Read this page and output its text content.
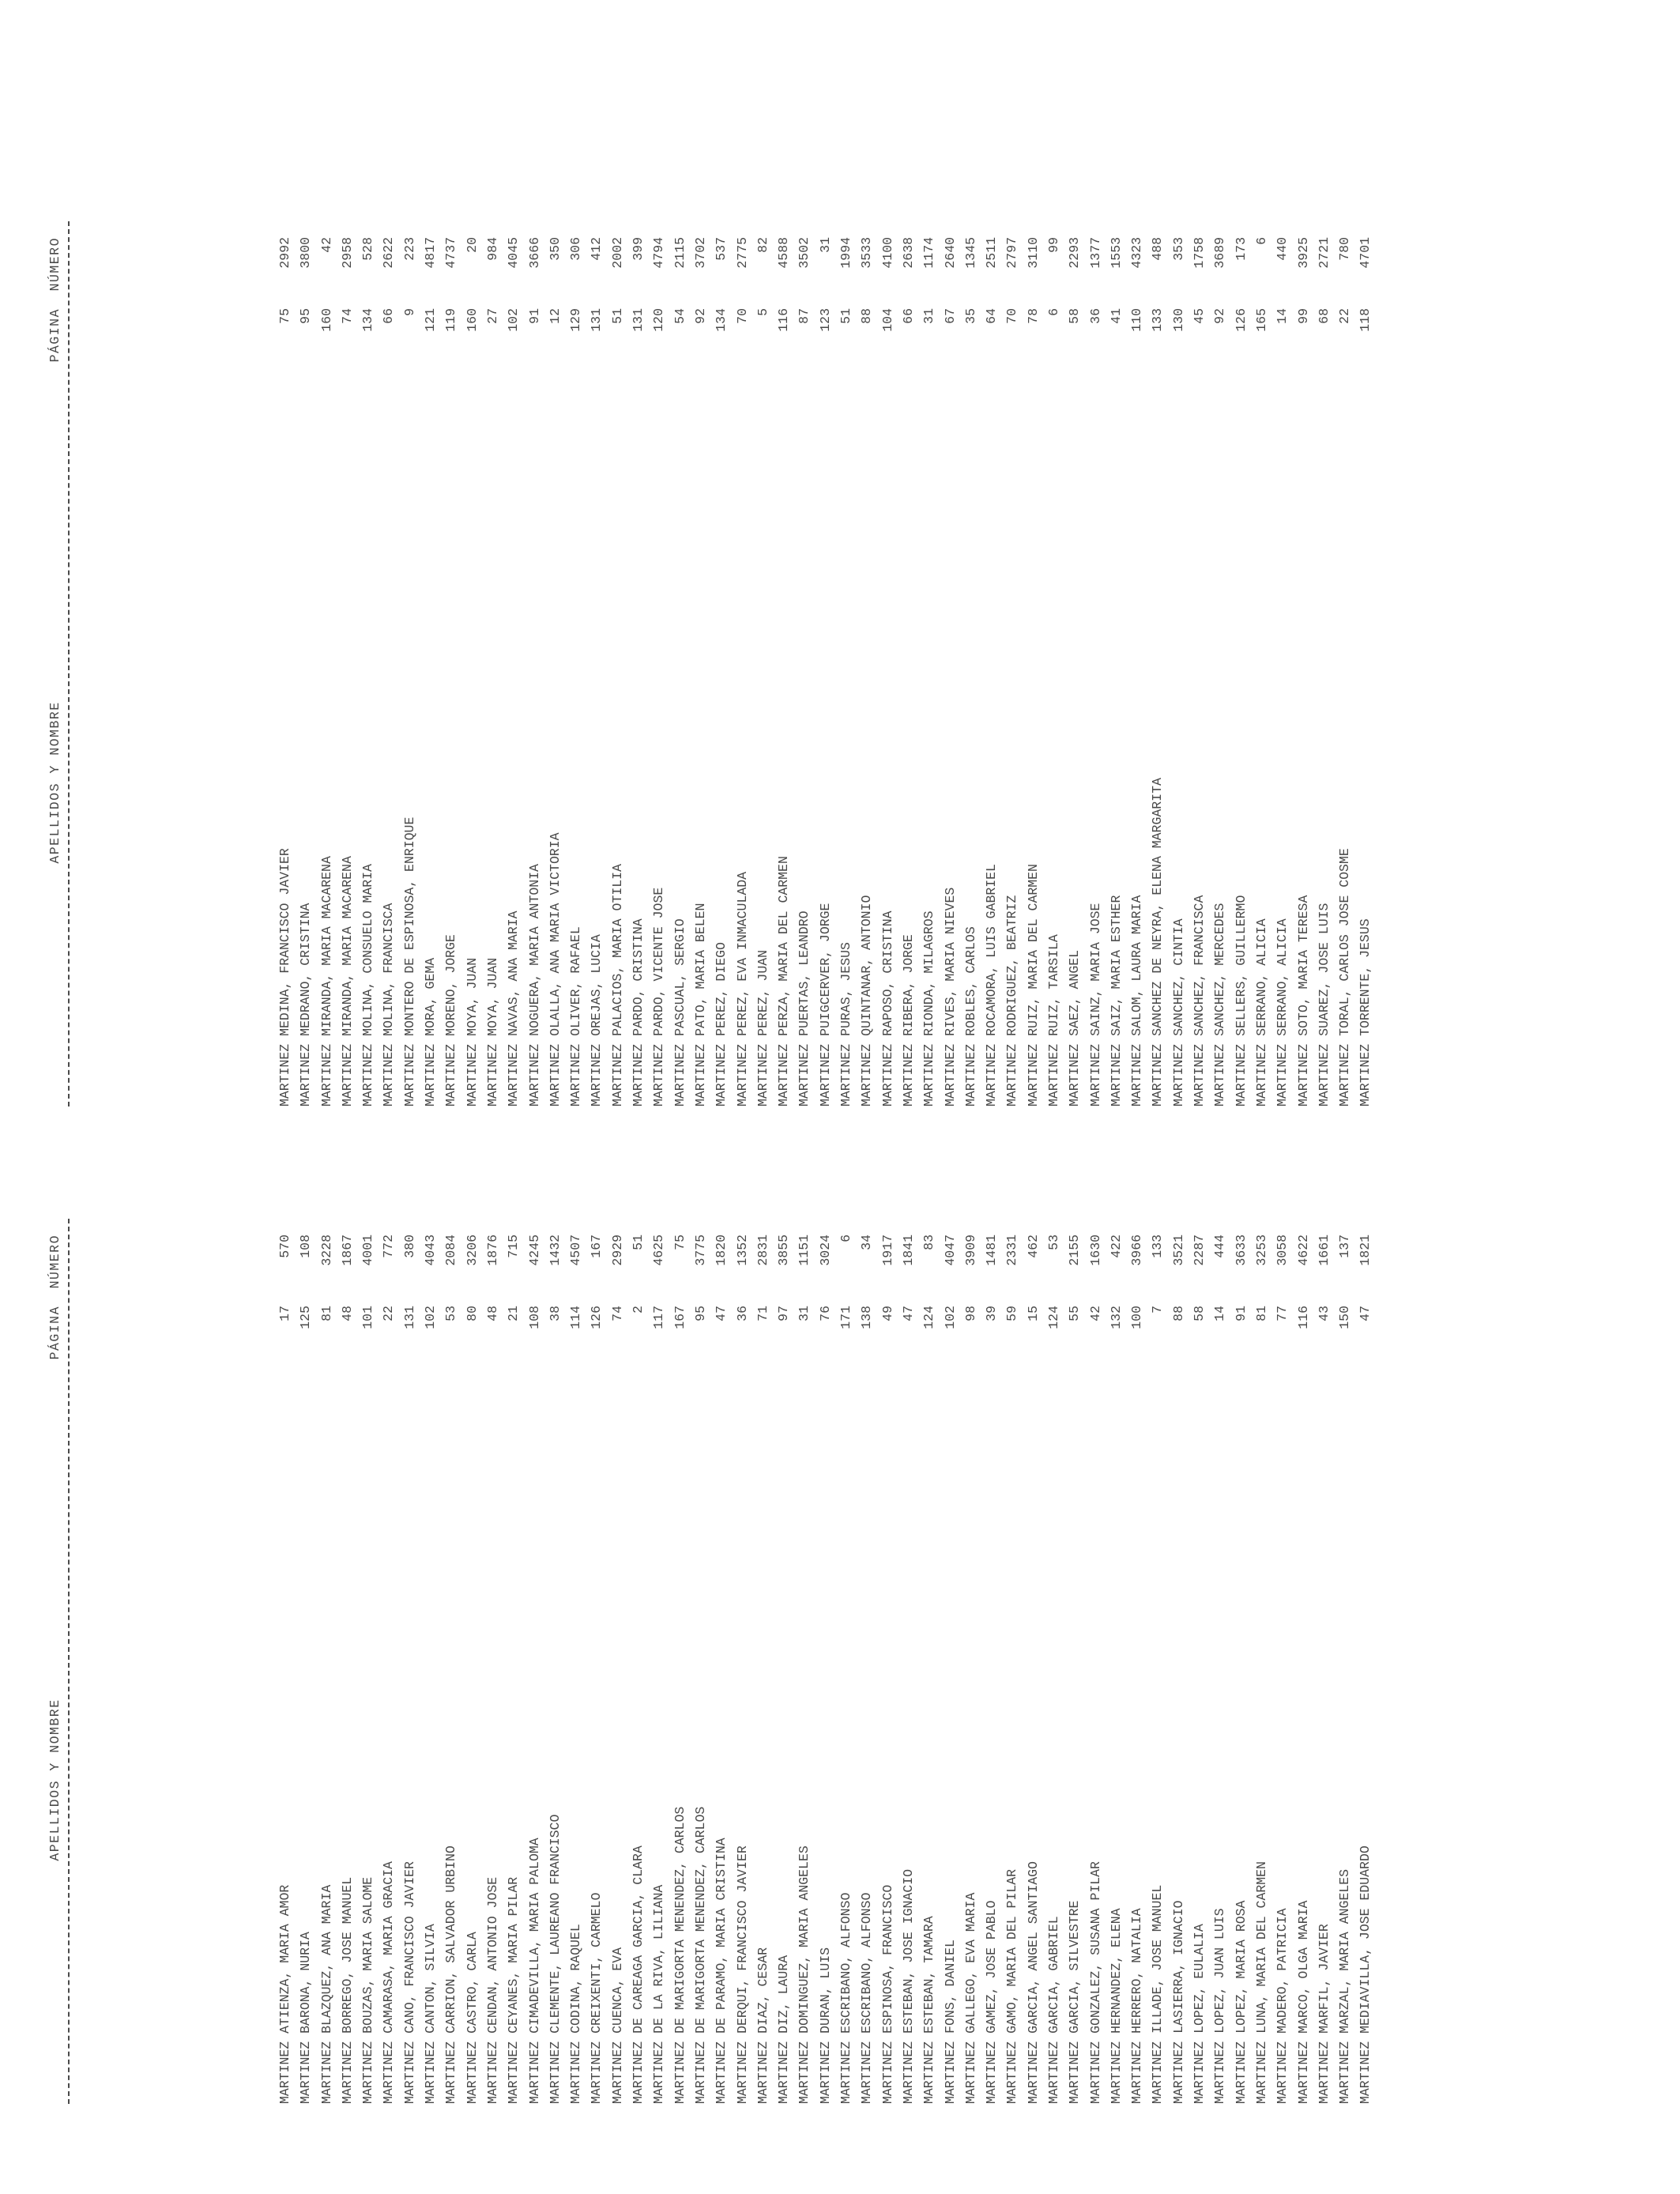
APELLIDOS Y NOMBRE
PÁGINA
NÚMERO
MARTINEZ ATIENZA, MARIA AMOR
17
570
MARTINEZ BARONA, NURIA
125
108
MARTINEZ BLAZQUEZ, ANA MARIA
81
3228
MARTINEZ BORREGO, JOSE MANUEL
48
1867
MARTINEZ BOUZAS, MARIA SALOME
101
4001
MARTINEZ CAMARASA, MARIA GRACIA
22
772
MARTINEZ CANO, FRANCISCO JAVIER
131
380
MARTINEZ CANTON, SILVIA
102
4043
MARTINEZ CARRION, SALVADOR URBINO
53
2084
MARTINEZ CASTRO, CARLA
80
3206
MARTINEZ CENDAN, ANTONIO JOSE
48
1876
MARTINEZ CEYANES, MARIA PILAR
21
715
MARTINEZ CIMADEVILLA, MARIA PALOMA
108
4245
MARTINEZ CLEMENTE, LAUREANO FRANCISCO
38
1432
MARTINEZ CODINA, RAQUEL
114
4507
MARTINEZ CREIXENTI, CARMELO
126
167
MARTINEZ CUENCA, EVA
74
2929
MARTINEZ DE CAREAGA GARCIA, CLARA
2
51
MARTINEZ DE LA RIVA, LILIANA
117
4625
MARTINEZ DE MARIGORTA MENENDEZ, CARLOS
167
75
MARTINEZ DE MARIGORTA MENENDEZ, CARLOS
95
3775
MARTINEZ DE PARAMO, MARIA CRISTINA
47
1820
MARTINEZ DERQUI, FRANCISCO JAVIER
36
1352
MARTINEZ DIAZ, CESAR
71
2831
MARTINEZ DIZ, LAURA
97
3855
MARTINEZ DOMINGUEZ, MARIA ANGELES
31
1151
MARTINEZ DURAN, LUIS
76
3024
MARTINEZ ESCRIBANO, ALFONSO
171
6
MARTINEZ ESCRIBANO, ALFONSO
138
34
MARTINEZ ESPINOSA, FRANCISCO
49
1917
MARTINEZ ESTEBAN, JOSE IGNACIO
47
1841
MARTINEZ ESTEBAN, TAMARA
124
83
MARTINEZ FONS, DANIEL
102
4047
MARTINEZ GALLEGO, EVA MARIA
98
3909
MARTINEZ GAMEZ, JOSE PABLO
39
1481
MARTINEZ GAMO, MARIA DEL PILAR
59
2331
MARTINEZ GARCIA, ANGEL SANTIAGO
15
462
MARTINEZ GARCIA, GABRIEL
124
53
MARTINEZ GARCIA, SILVESTRE
55
2155
MARTINEZ GONZALEZ, SUSANA PILAR
42
1630
MARTINEZ HERNANDEZ, ELENA
132
422
MARTINEZ HERRERO, NATALIA
100
3966
MARTINEZ ILLADE, JOSE MANUEL
7
133
MARTINEZ LASIERRA, IGNACIO
88
3521
MARTINEZ LOPEZ, EULALIA
58
2287
MARTINEZ LOPEZ, JUAN LUIS
14
444
MARTINEZ LOPEZ, MARIA ROSA
91
3633
MARTINEZ LUNA, MARIA DEL CARMEN
81
3253
MARTINEZ MADERO, PATRICIA
77
3058
MARTINEZ MARCO, OLGA MARIA
116
4622
MARTINEZ MARFIL, JAVIER
43
1661
MARTINEZ MARZAL, MARIA ANGELES
150
137
MARTINEZ MEDIAVILLA, JOSE EDUARDO
47
1821
APELLIDOS Y NOMBRE
PÁGINA
NÚMERO
MARTINEZ MEDINA, FRANCISCO JAVIER
75
2992
MARTINEZ MEDRANO, CRISTINA
95
3800
MARTINEZ MIRANDA, MARIA MACARENA
160
42
MARTINEZ MIRANDA, MARIA MACARENA
74
2958
MARTINEZ MOLINA, CONSUELO MARIA
134
528
MARTINEZ MOLINA, FRANCISCA
66
2622
MARTINEZ MONTERO DE ESPINOSA, ENRIQUE
9
223
MARTINEZ MORA, GEMA
121
4817
MARTINEZ MORENO, JORGE
119
4737
MARTINEZ MOYA, JUAN
160
20
MARTINEZ MOYA, JUAN
27
984
MARTINEZ NAVAS, ANA MARIA
102
4045
MARTINEZ NOGUERA, MARIA ANTONIA
91
3666
MARTINEZ OLALLA, ANA MARIA VICTORIA
12
350
MARTINEZ OLIVER, RAFAEL
129
306
MARTINEZ OREJAS, LUCIA
131
412
MARTINEZ PALACIOS, MARIA OTILIA
51
2002
MARTINEZ PARDO, CRISTINA
131
399
MARTINEZ PARDO, VICENTE JOSE
120
4794
MARTINEZ PASCUAL, SERGIO
54
2115
MARTINEZ PATO, MARIA BELEN
92
3702
MARTINEZ PEREZ, DIEGO
134
537
MARTINEZ PEREZ, EVA INMACULADA
70
2775
MARTINEZ PEREZ, JUAN
5
82
MARTINEZ PERZA, MARIA DEL CARMEN
116
4588
MARTINEZ PUERTAS, LEANDRO
87
3502
MARTINEZ PUIGCERVER, JORGE
123
31
MARTINEZ PURAS, JESUS
51
1994
MARTINEZ QUINTANAR, ANTONIO
88
3533
MARTINEZ RAPOSO, CRISTINA
104
4100
MARTINEZ RIBERA, JORGE
66
2638
MARTINEZ RIONDA, MILAGROS
31
1174
MARTINEZ RIVES, MARIA NIEVES
67
2640
MARTINEZ ROBLES, CARLOS
35
1345
MARTINEZ ROCAMORA, LUIS GABRIEL
64
2511
MARTINEZ RODRIGUEZ, BEATRIZ
70
2797
MARTINEZ RUIZ, MARIA DEL CARMEN
78
3110
MARTINEZ RUIZ, TARSILA
6
99
MARTINEZ SAEZ, ANGEL
58
2293
MARTINEZ SAINZ, MARIA JOSE
36
1377
MARTINEZ SAIZ, MARIA ESTHER
41
1553
MARTINEZ SALOM, LAURA MARIA
110
4323
MARTINEZ SANCHEZ DE NEYRA, ELENA MARGARITA
133
488
MARTINEZ SANCHEZ, CINTIA
130
353
MARTINEZ SANCHEZ, FRANCISCA
45
1758
MARTINEZ SANCHEZ, MERCEDES
92
3689
MARTINEZ SELLERS, GUILLERMO
126
173
MARTINEZ SERRANO, ALICIA
165
6
MARTINEZ SERRANO, ALICIA
14
440
MARTINEZ SOTO, MARIA TERESA
99
3925
MARTINEZ SUAREZ, JOSE LUIS
68
2721
MARTINEZ TORAL, CARLOS JOSE COSME
22
780
MARTINEZ TORRENTE, JESUS
118
4701
